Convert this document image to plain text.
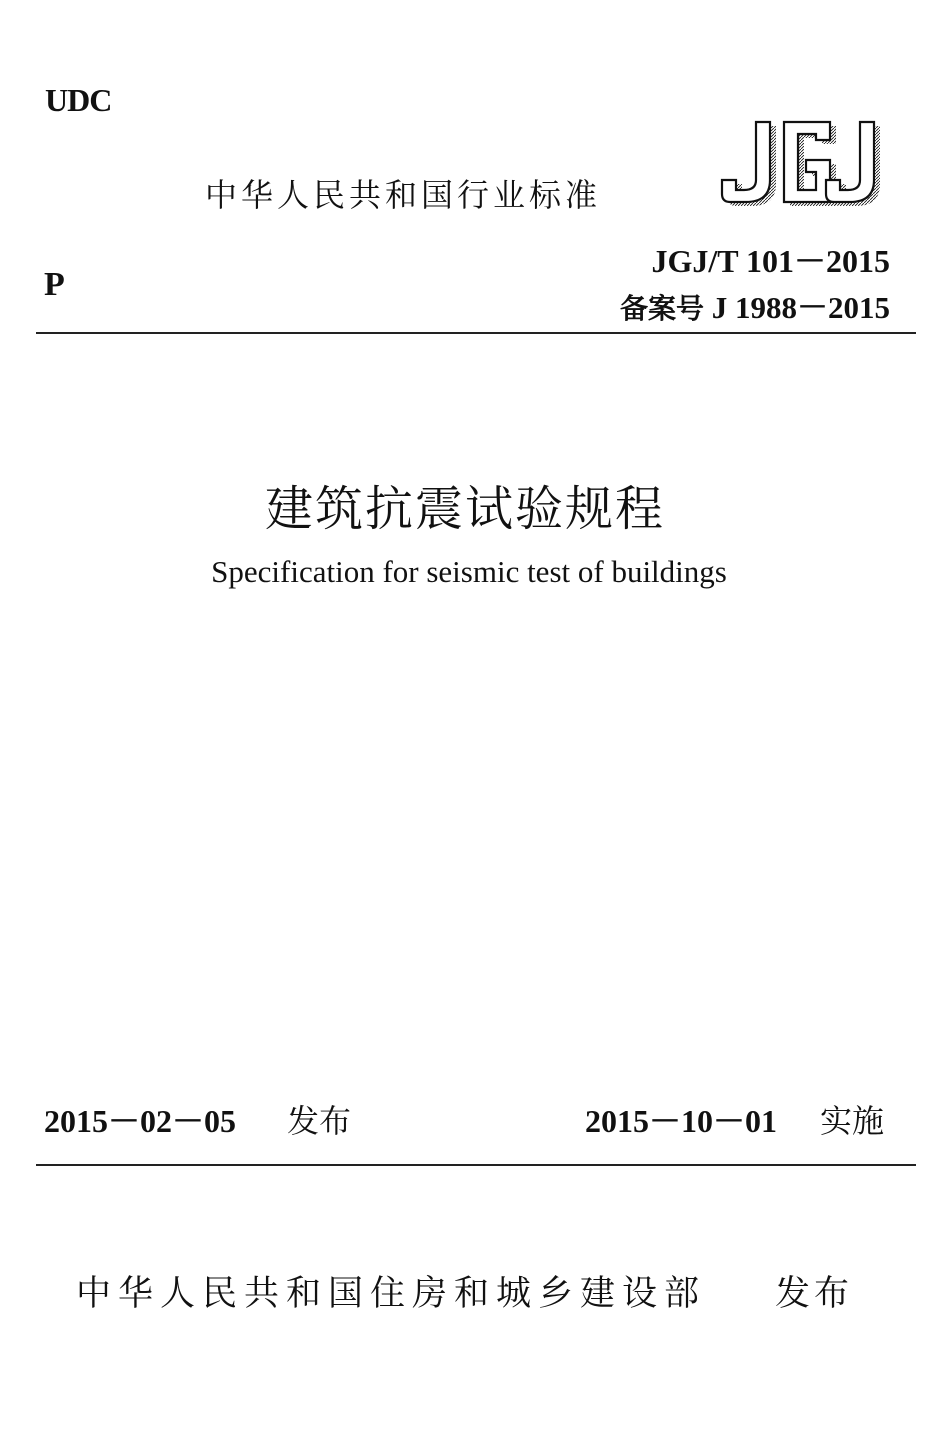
UDC
P
中华人民共和国行业标准
JGJ/T 101－2015
备案号 J 1988－2015
建筑抗震试验规程
Specification for seismic test of buildings
2015－02－05 发布	2015－10－01 实施
中华人民共和国住房和城乡建设部 发布
